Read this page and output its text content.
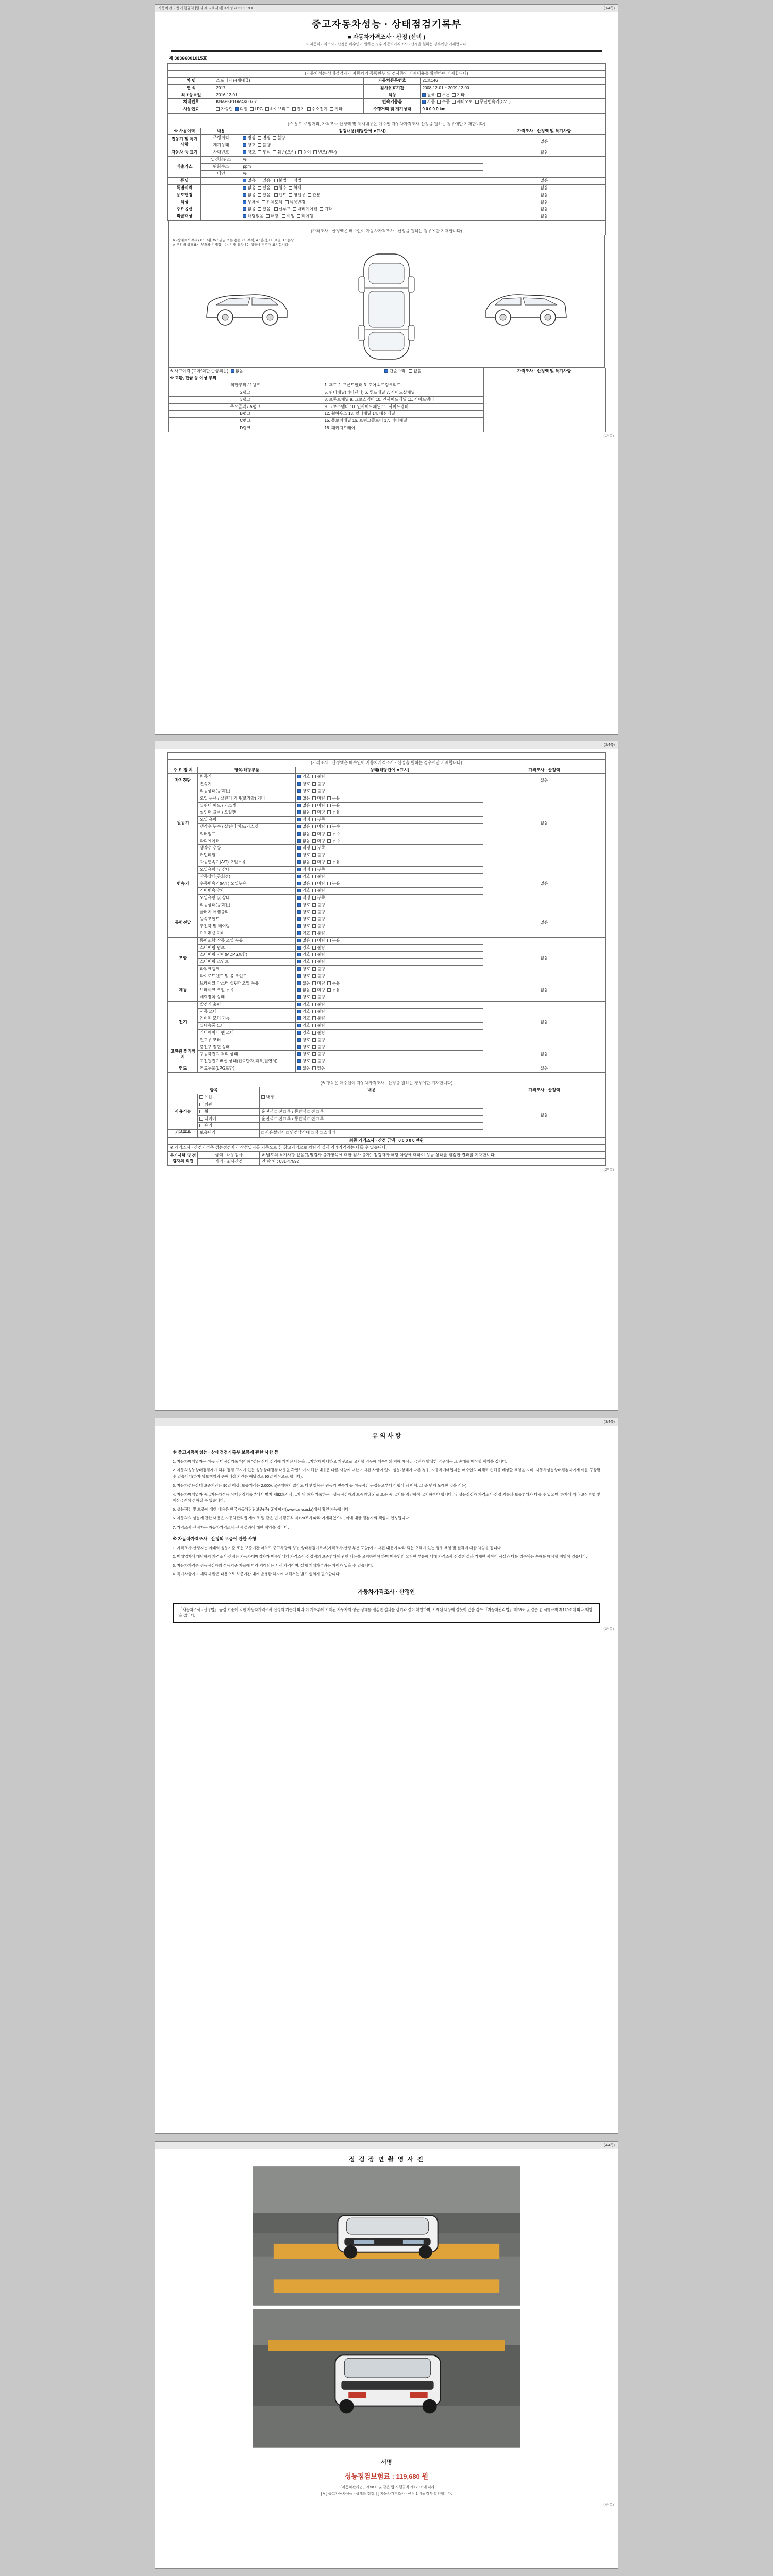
자동차관리법 시행규칙 [별지 제82호서식] <개정 2021.1.19.>	(1/4쪽)
중고자동차성능 · 상태점검기록부
■ 자동차가격조사 · 산정 (선택 )
※ 자동차가격조사 · 산정은 매수인이 원하는 경우 자동차가격조사 · 산정을 원하는 경우에만 기재합니다.
제 38366001015호
자동차 기본정보			
(자동차성능·상태점검자가 자동차의 등록원부 및 검사증의 기재내용을 확인하여 기재합니다)			
차 명	스포티지 (4세대급)	자동차등록번호	21로146
연 식	2017	검사유효기간	2008-12-01 ~ 2009-12-00
최초등록일	2016-12-01	색상	원색 투톤 기타
차대번호	KNAPK81GM4K00751	변속기종류	자동 수동 세미오토 무단변속기(CVT)
사용연료	가솔린 디젤 LPG 하이브리드 전기 수소전기 기타	주행거리 및 계기상태	0 0 0 0 0 km
자동차 종합상태			
(주·용도·주행거리, 가격조사·산정액 및 제시내용은 매수인 자동차가격조사·산정을 원하는 경우에만 기재합니다)			
※ 사용이력	내용	점검내용(해당란에 ∨표시)	가격조사 · 산정액 및 특기사항
진동기 및 특기사항	주행거리	정상 변경 불량	없음
	계기상태	양호 불량	
자동차 등 표기	차대번호	양호 부식 훼손(오손) 상이 변조(변타)	없음
배출가스	일산화탄소	%	
	탄화수소	ppm	
	매연	%	
튜닝		없음 있음 불법 적법	없음
특별이력		없음 있음 침수 화재	없음
용도변경		없음 있음 렌트 영업용 관용	없음
색상		무채색 전체도색 색상변경	없음
주요옵션		없음 있음 선루프 내비게이션 기타	없음
리콜대상		해당없음 해당 이행 미이행	없음
사고 · 교환 · 수리 등 이력
(가격조사 · 산정액은 매수인이 자동차가격조사 · 산정을 원하는 경우에만 기재합니다)
※ (상태표시 부호) X : 교환, W : 판금 또는 용접, C : 부식, A : 흠집, U : 요철, T : 손상
※ 부위별 상태표시 부호를 기재합니다. 기재 위치에는 상태에 맞추어 표기합니다.
※ 사고이력 (교차/외판 손상되는) 없음	단순수리 없음	가격조사 · 산정액 및 특기사항
※ 교환, 판금 등 이상 부위		
외판부위 / 1랭크	1. 후드 2. 프론트휀더 3. 도어 4.트렁크리드	
2랭크	5. 쿼터패널(리어펜더) 6. 루프패널 7. 사이드실패널	
3랭크	8. 프론트패널 9. 크로스멤버 10. 인사이드패널 11. 사이드멤버	
주요골격 / A랭크	9. 크로스멤버 10. 인사이드패널 11. 사이드멤버	
B랭크	12. 휠하우스 13. 필러패널 14. 대쉬패널	
C랭크	15. 플로어패널 16. 트렁크플로어 17. 리어패널	
D랭크	18. 패키지트레이	
(1/4쪽)

(2/4쪽)
자동차 세부상태			
(가격조사 · 산정액은 매수인이 자동차가격조사 · 산정을 원하는 경우에만 기재합니다)			
주 요 장 치	항목/해당부품	상태(해당란에 ∨표시)	가격조사 · 산정액
자기진단	원동기	양호  불량	없음
	변속기	양호  불량	
원동기	작동상태(공회전)	양호  불량	없음
	오일 누유 / 실린더 커버(로커암) 커버	없음  미량  누유	
	실린더 헤드 / 가스켓	없음  미량  누유	
	실린더 블록 / 오일팬	없음  미량  누유	
	오일 유량	적정  부족	
	냉각수 누수 / 실린더 헤드/가스켓	없음  미량  누수	
	워터펌프	없음  미량  누수	
	라디에이터	없음  미량  누수	
	냉각수 수량	적정  부족	
	커먼레일	양호  불량	
변속기	자동변속기(A/T) 오일누유	없음  미량  누유	없음
	오일유량 및 상태	적정  부족	
	작동상태(공회전)	양호  불량	
	수동변속기(M/T) 오일누유	없음  미량  누유	
	기어변속장치	양호  불량	
	오일유량 및 상태	적정  부족	
	작동상태(공회전)	양호  불량	
동력전달	클러치 어셈블리	양호  불량	없음
	등속조인트	양호  불량	
	추진축 및 베어링	양호  불량	
	디퍼렌셜 기어	양호  불량	
조향	동력조향 작동 오일 누유	없음  미량  누유	없음
	스티어링 펌프	양호  불량	
	스티어링 기어(MDPS포함)	양호  불량	
	스티어링 조인트	양호  불량	
	파워크랭크	양호  불량	
	타이로드엔드 및 볼 조인트	양호  불량	
제동	브레이크 마스터 실린더오일 누유	없음  미량  누유	없음
	브레이크 오일 누유	없음  미량  누유	
	배력장치 상태	양호  불량	
전기	발전기 출력	양호  불량	없음
	시동 모터	양호  불량	
	와이퍼 모터 기능	양호  불량	
	실내송풍 모터	양호  불량	
	라디에이터 팬 모터	양호  불량	
	윈도우 모터	양호  불량	
고전원 전기장치	충전구 절연 상태	양호  불량	없음
	구동축전지 격리 상태	양호  불량	
	고전원전기배선 상태(접속단자,피복,절연체)	양호  불량	
연료	연료누출(LPG포함)	없음  있음	없음
자동차 기타정보			
(※ 항목은 매수인이 자동차가격조사 · 산정을 원하는 경우에만 기재합니다)			
항목		내용	가격조사 · 산정액
사용가능	유압	내장	없음
	외관		
	휠	운전석 □ 전 □ 후 / 동반석 □ 전 □ 후	
	타이어	운전석 □ 전 □ 후 / 동반석 □ 전 □ 후	
	유리		
기본품목	보유내역	□ 사용설명서 □ 안전삼각대 □ 잭 □ 스패너	
최종 가격조사 · 산정 금액 0 0 0 0 0 만원		
※ 가격조사 · 산정가격은 성능점검자가 작성일자를 기준으로 한 참고가격으로 차량의 실제 거래가격과는 다를 수 있습니다.		
특기사항 및 점검자의 의견	금액 · 내용검사	※ 별도의 특기사항 없음(정밀검사 불가항목에 대한 검사 불가), 점검자가 해당 차량에 대하여 성능·상태를 점검한 결과를 기재합니다.
	가격 · 조사산정	연 락 처 : 031-47592
(2/4쪽)

(3/4쪽)
유 의 사 항
※ 중고자동차성능 · 상태점검기록부 보증에 관한 사항 등

1. 자동차매매업자는 성능·상태점검기록부(이하 "성능·상태 점검에 기재된 내용을 고지하지 아니하고 거짓으로 고지할 경우에 매수인의 피해 예상금 금액가 발생한 경우에는 그 손해를 배상할 책임을 집니다.

2. 자동차성능상태점검자가 허위 점검 고지가 있는 성능상태점검 내용을 확인하여 이해한 내용은 다른 사항에 대한 기재된 사항이 없이 성능·상태가 다른 경우, 자동차매매업자는 매수인의 피해로 손해를 배상할 책임을 지며, 자동차성능상태점검자에게 이를 구상할 수 있습니다(하자 담보책임과 손해배상 기간은 해당일로 90일 이상으로 합니다).

3. 자동차성능상태 보증기간은 90일 이상, 보증거리는 2,000km(운행하지 않아도 다섯 항목은 원동기 변속기 등 성능점검 근접물로부터 이행이 되 어휘, 그 중 먼저 도래한 것을 적용)

4. 자동차매매업자 중고자동차성능·상태점검기록부에서 별지 제82호서식 고지 및 하자 기록하는 · 성능점검자의 보증범위 외로 표준 중 고지를 점검하여 고지하여야 합니다. 및 성능점검자 가격조사·산정 기록과 보증범위가 다를 수 있으며, 하자에 따라 보상방법 및 배상금액이 정해질 수 있습니다.

5. 성능점검 및 보증에 대한 내용은 한국자동차진단보증(주) 홈페이지(www.cario.or.kr)에서 확인 가능합니다.

6. 자동차의 성능에 관한 내용은 자동차관리법 제58조 및 같은 법 시행규칙 제120조에 따라 기재하였으며, 이에 대한 점검자의 책임이 인정됩니다.

7. 가격조사·산정자는 자동차가격조사·산정 결과에 대한 책임을 집니다.

※ 자동차가격조사 · 산정의 보증에 관한 사항

1. 가격조사·산정자는 이때의 성능기준 또는 보증기간 마쳐도 중고차량의 성능·상태점검기록부(가격조사·산정 부분 포함)에 기재된 내용에 따라 되는 오해가 있는 경우 책임 및 결과에 대한 책임을 집니다.

2. 매매업자에 해당하지 가격조사·산정은 자동차매매업자가 매수인에게 가격조사·산정액의 보증범위에 관한 내용을 고지하여야 하며 매수인의 요청한 부분에 대해 가격조사·산정한 결과 기재한 사항이 사실과 다를 경우에는 손해를 배상할 책임이 있습니다.

3. 자동차가격은 성능점검자의 성능기준 자료에 따라 거래되는 시세 가격이며, 실제 거래가격과는 차이가 있을 수 있습니다.

4. 특기사항에 기재되지 않은 내용으로 보증기간 내에 발생한 하자에 대해서는 별도 협의가 필요합니다.

자동차가격조사 · 산정인
「자동차조사 · 산정법」 규정 기준에 의한 자동차가격조사·산정의 기준에 따라 이 기록부에 기재된 자동차의 성능·상태를 점검한 결과를 상기와 같이 확인하며, 기재된 내용에 잘못이 있을 경우 「자동차관리법」 제58조 및 같은 법 시행규칙 제120조에 따라 책임을 집니다.
(3/4쪽)

(4/4쪽)
점 검 장 면 촬 영 사 진
서명
성능점검보험료 : 119,680 원
「자동차관리법」제58조 및 같은 법 시행규칙 제120조에 따라
[ V ] 중고자동차성능 · 상태를 점검, [ ] 자동차가격조사 · 산정 1 바랍검사 확인합니다.
(4/4쪽)
